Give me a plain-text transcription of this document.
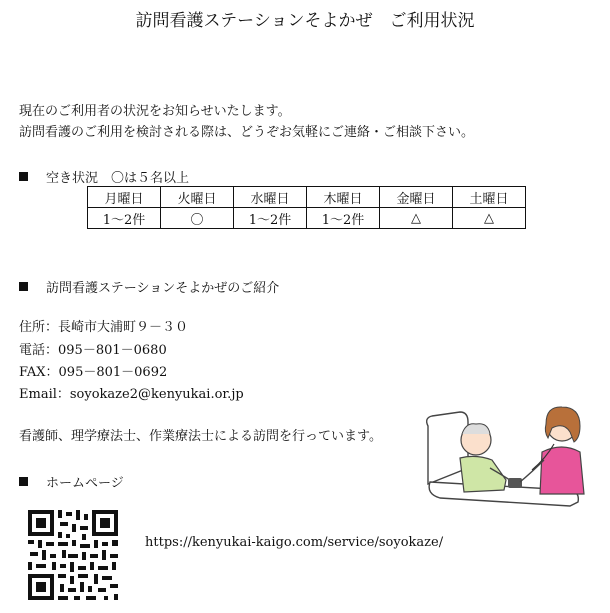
訪問看護ステーションそよかぜ　ご利用状況
現在のご利用者の状況をお知らせいたします。
訪問看護のご利用を検討される際は、どうぞお気軽にご連絡・ご相談下さい。
空き状況　〇は５名以上
月曜日	火曜日	水曜日	木曜日	金曜日	土曜日
1～2件	〇	1～2件	1～2件	△	△
訪問看護ステーションそよかぜのご紹介
住所：長崎市大浦町９－３０
電話：095－801－0680
FAX：095－801－0692
Email：soyokaze2@kenyukai.or.jp
看護師、理学療法士、作業療法士による訪問を行っています。
ホームページ
https://kenyukai-kaigo.com/service/soyokaze/
